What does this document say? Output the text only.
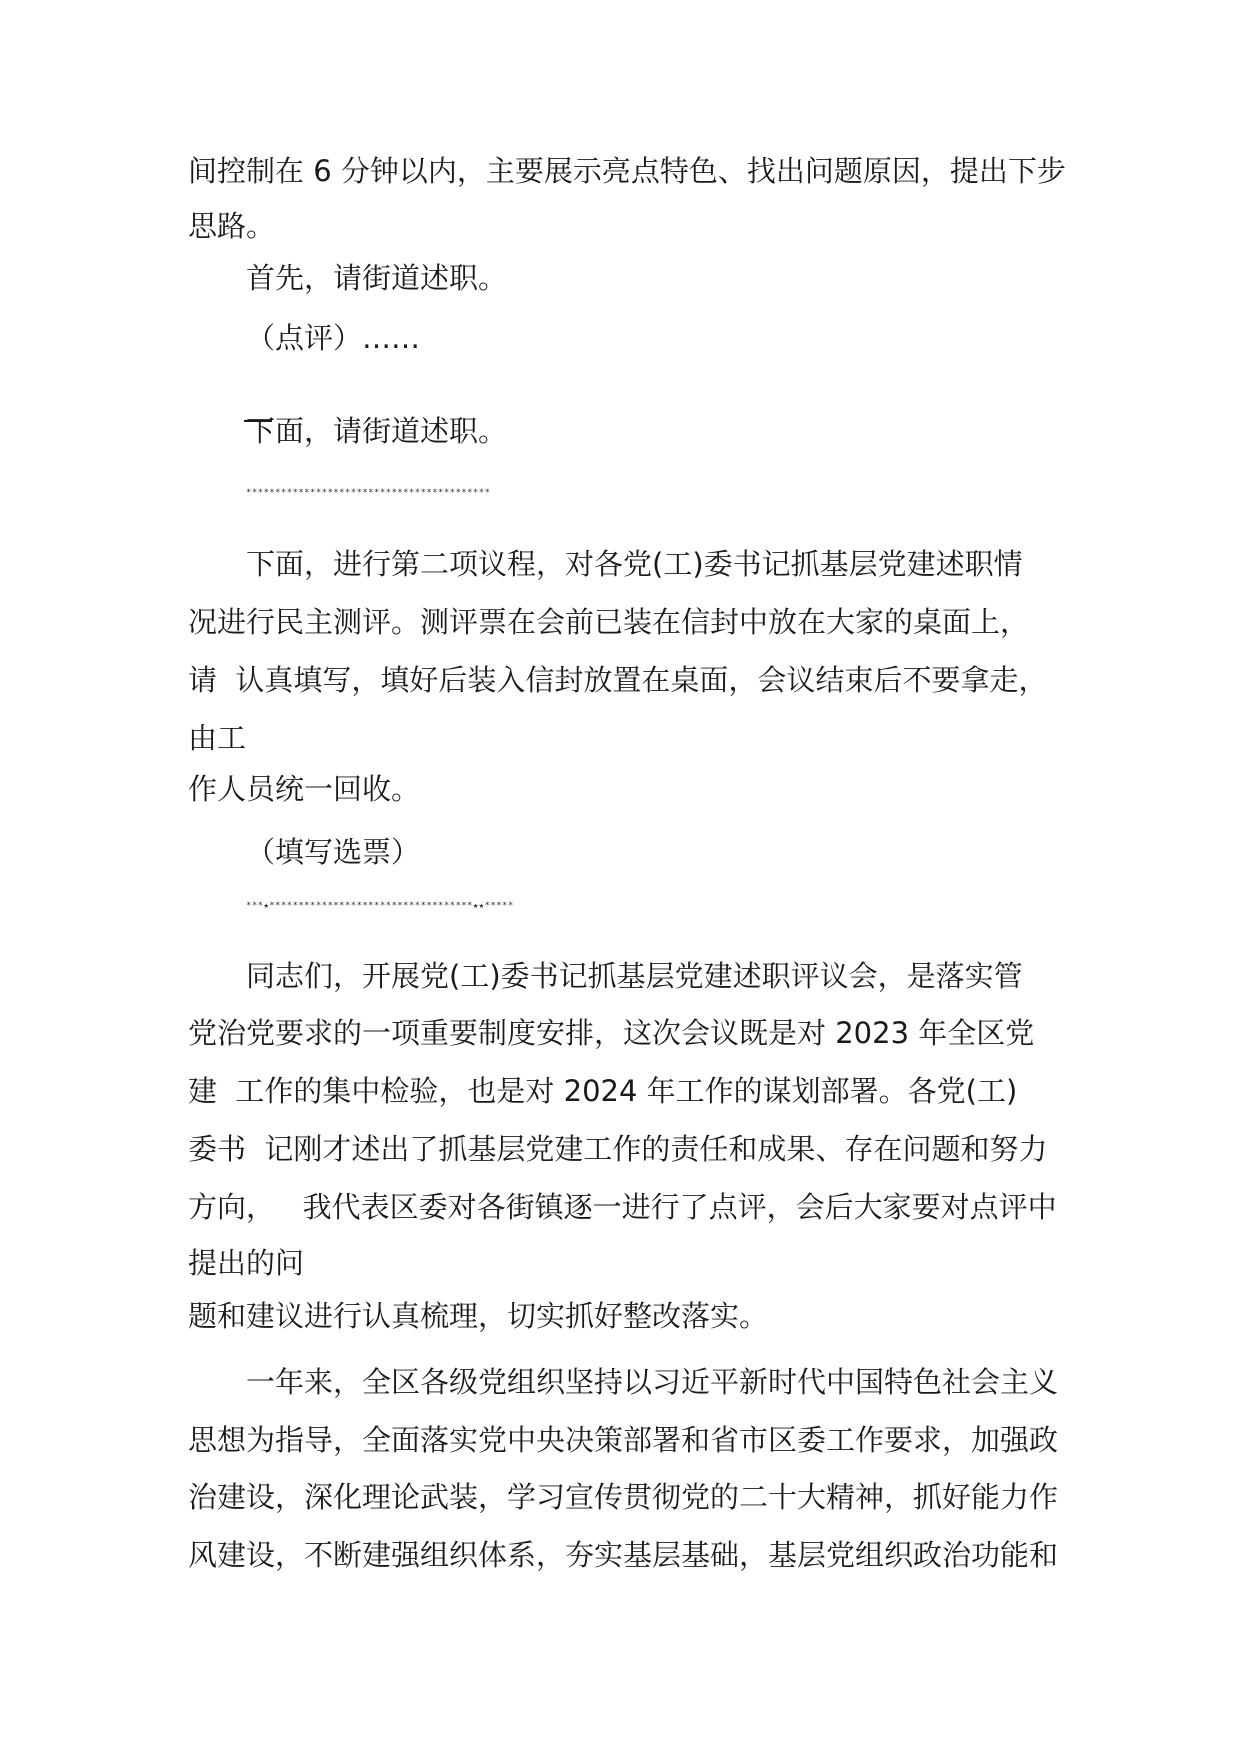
间控制在 6 分钟以内，主要展示亮点特色、找出问题原因，提出下步

思路。

首先，请街道述职。

（点评）……

下面，请街道述职。

******************************************

下面，进行第二项议程，对各党(工)委书记抓基层党建述职情

况进行民主测评。测评票在会前已装在信封中放在大家的桌面上，

请  认真填写，填好后装入信封放置在桌面，会议结束后不要拿走，

由工

作人员统一回收。

（填写选票）

***★***********************************★★*****

同志们，开展党(工)委书记抓基层党建述职评议会，是落实管

党治党要求的一项重要制度安排，这次会议既是对 2023 年全区党

建  工作的集中检验，也是对 2024 年工作的谋划部署。各党(工)

委书  记刚才述出了抓基层党建工作的责任和成果、存在问题和努力

方向，   我代表区委对各街镇逐一进行了点评，会后大家要对点评中

提出的问

题和建议进行认真梳理，切实抓好整改落实。

一年来，全区各级党组织坚持以习近平新时代中国特色社会主义

思想为指导，全面落实党中央决策部署和省市区委工作要求，加强政

治建设，深化理论武装，学习宣传贯彻党的二十大精神，抓好能力作

风建设，不断建强组织体系，夯实基层基础，基层党组织政治功能和
